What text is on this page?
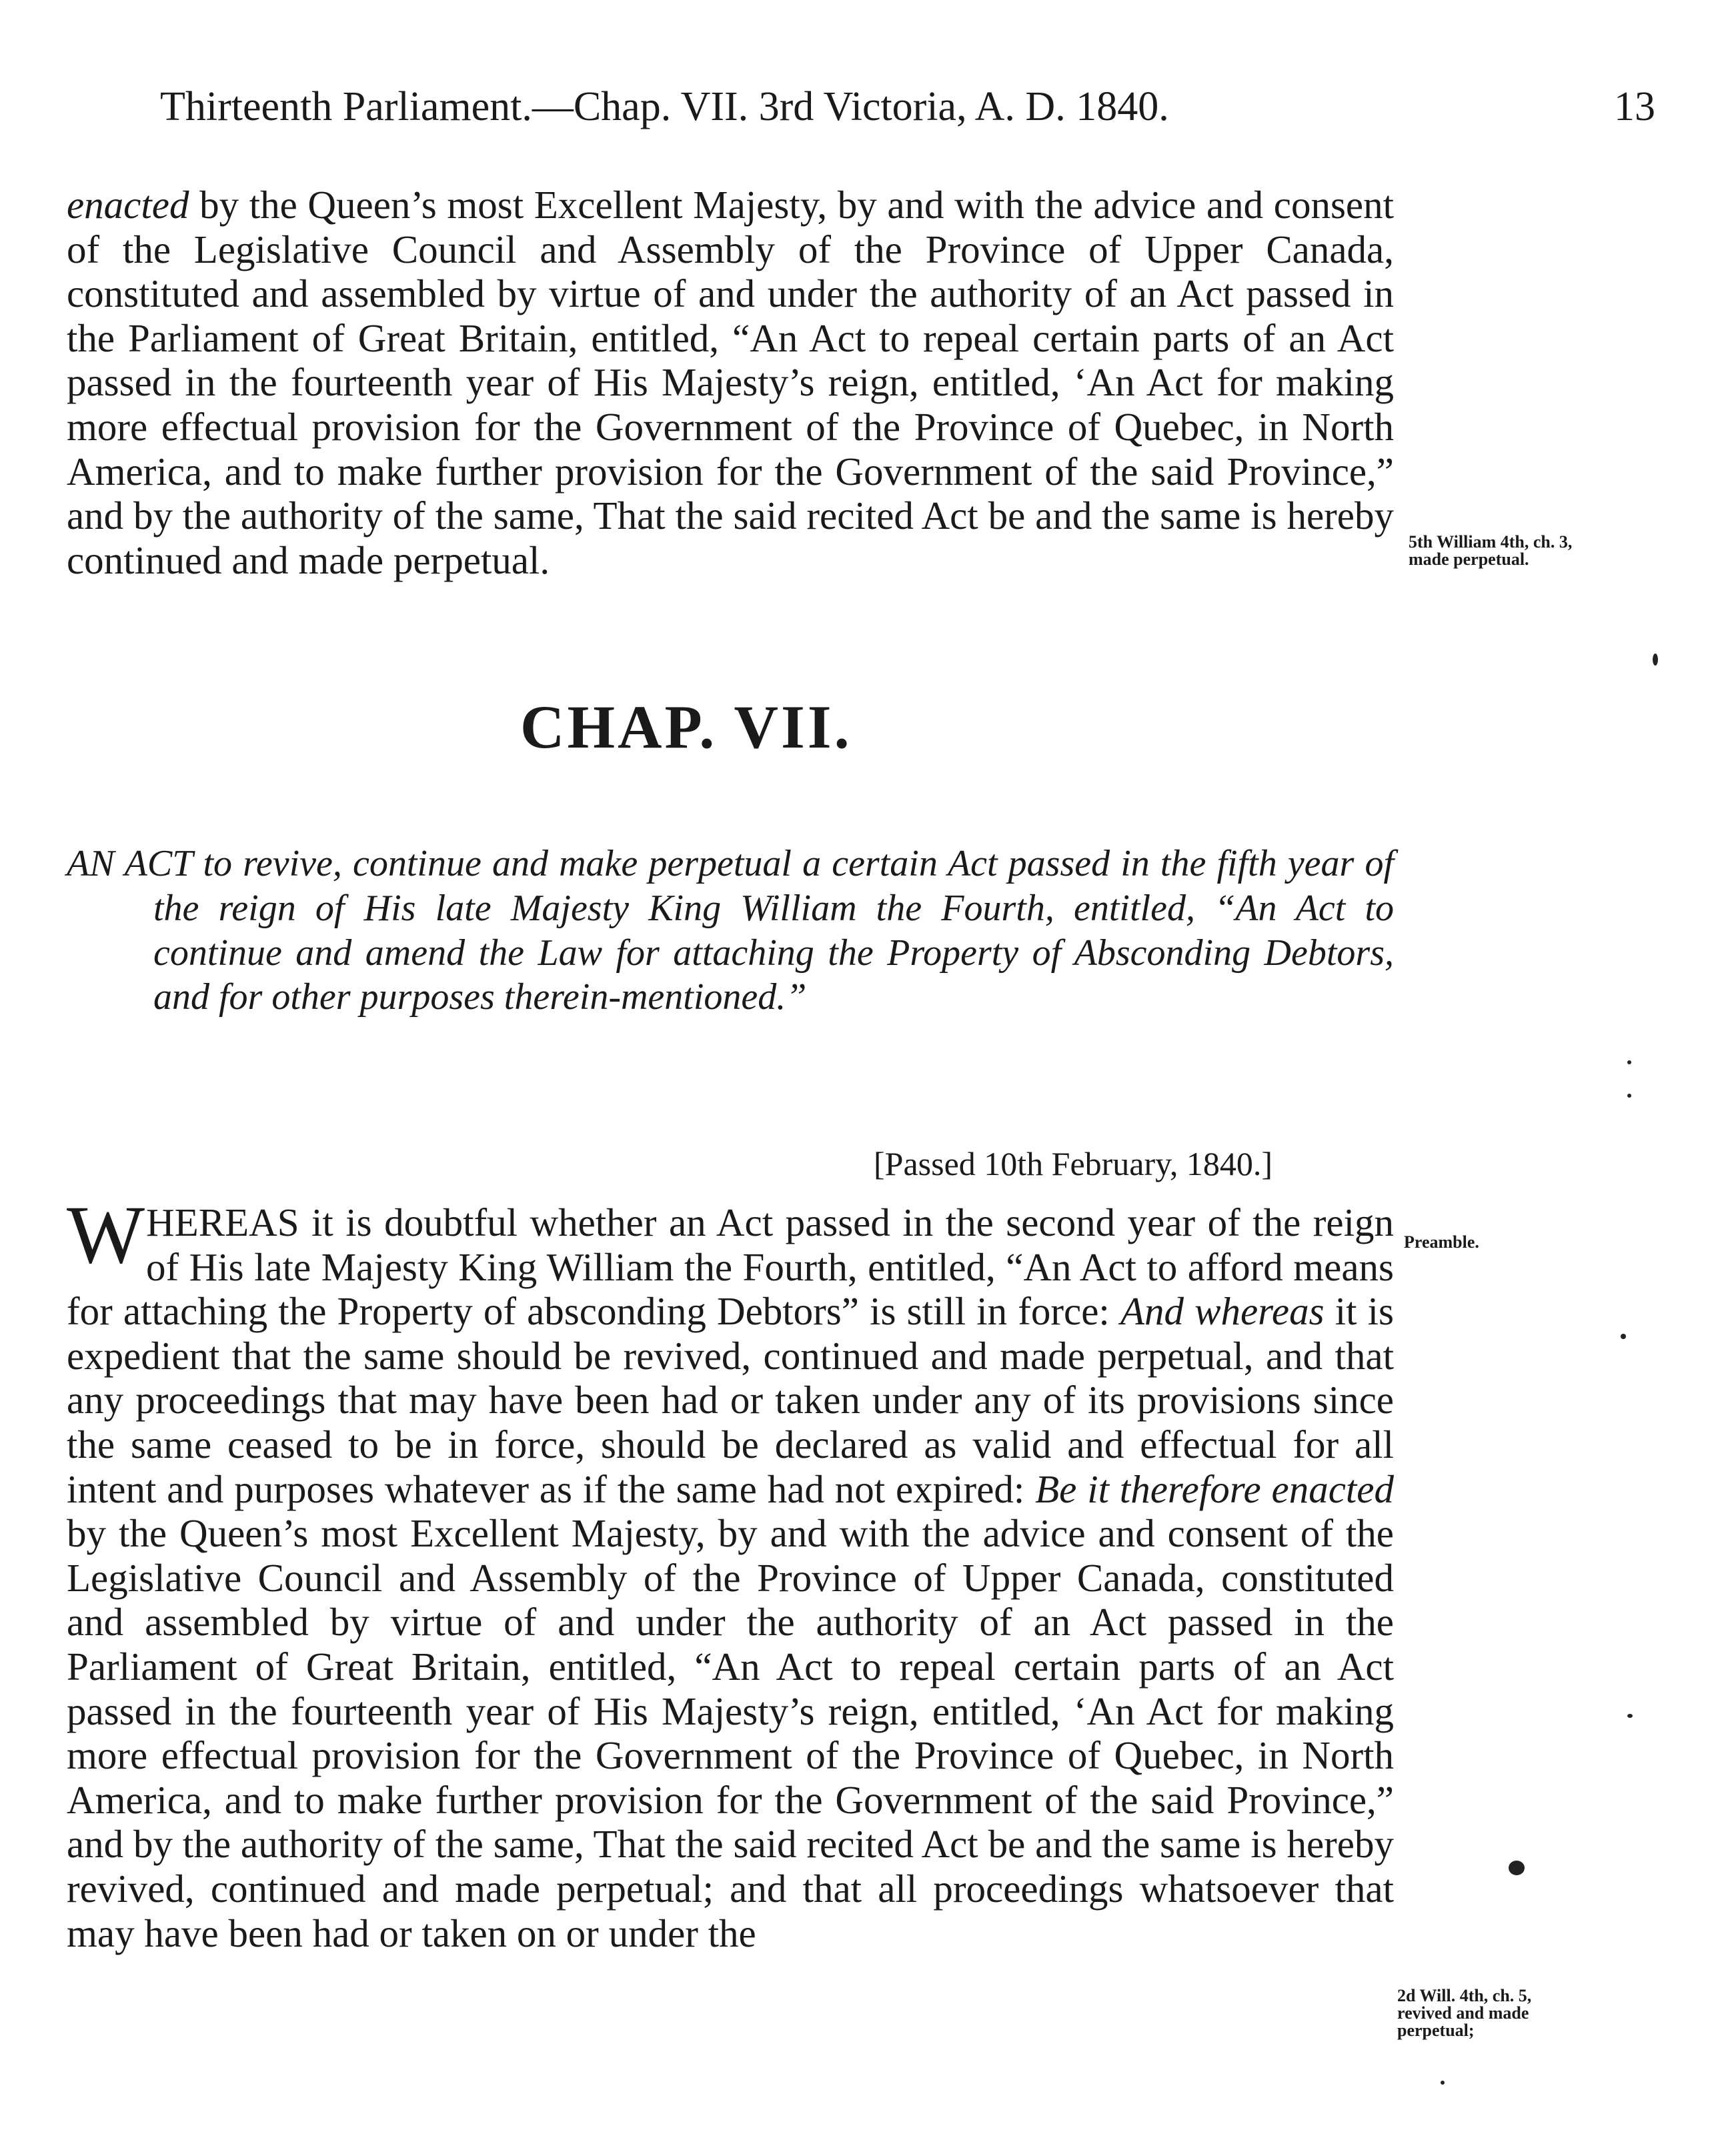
Thirteenth Parliament.—Chap. VII. 3rd Victoria, A. D. 1840.	13

enacted by the Queen’s most Excellent Majesty, by and with the advice and consent of the Legislative Council and Assembly of the Province of Upper Canada, constituted and assembled by virtue of and under the authority of an Act passed in the Parliament of Great Britain, entitled, “An Act to repeal certain parts of an Act passed in the fourteenth year of His Majesty’s reign, entitled, ‘An Act for making more effectual provision for the Government of the Province of Quebec, in North America, and to make further provision for the Government of the said Province,” and by the authority of the same, That the said recited Act be and the same is hereby continued and made perpetual.	5th William 4th, ch. 3,
made perpetual.
CHAP. VII.

AN ACT to revive, continue and make perpetual a certain Act passed in the fifth year of the reign of His late Majesty King William the Fourth, entitled, “An Act to continue and amend the Law for attaching the Property of Absconding Debtors, and for other purposes therein-mentioned.”

[Passed 10th February, 1840.]

WHEREAS it is doubtful whether an Act passed in the second year of the reign of His late Majesty King William the Fourth, entitled, “An Act to afford means for attaching the Property of absconding Debtors” is still in force: And whereas it is expedient that the same should be revived, continued and made perpetual, and that any proceedings that may have been had or taken under any of its provisions since the same ceased to be in force, should be declared as valid and effectual for all intent and purposes whatever as if the same had not expired: Be it therefore enacted by the Queen’s most Excellent Majesty, by and with the advice and consent of the Legislative Council and Assembly of the Province of Upper Canada, constituted and assembled by virtue of and under the authority of an Act passed in the Parliament of Great Britain, entitled, “An Act to repeal certain parts of an Act passed in the fourteenth year of His Majesty’s reign, entitled, ‘An Act for making more effectual provision for the Government of the Province of Quebec, in North America, and to make further provision for the Government of the said Province,” and by the authority of the same, That the said recited Act be and the same is hereby revived, continued and made perpetual; and that all proceedings whatsoever that may have been had or taken on or under the

Preamble.
2d Will. 4th, ch. 5,
revived and made
perpetual;
